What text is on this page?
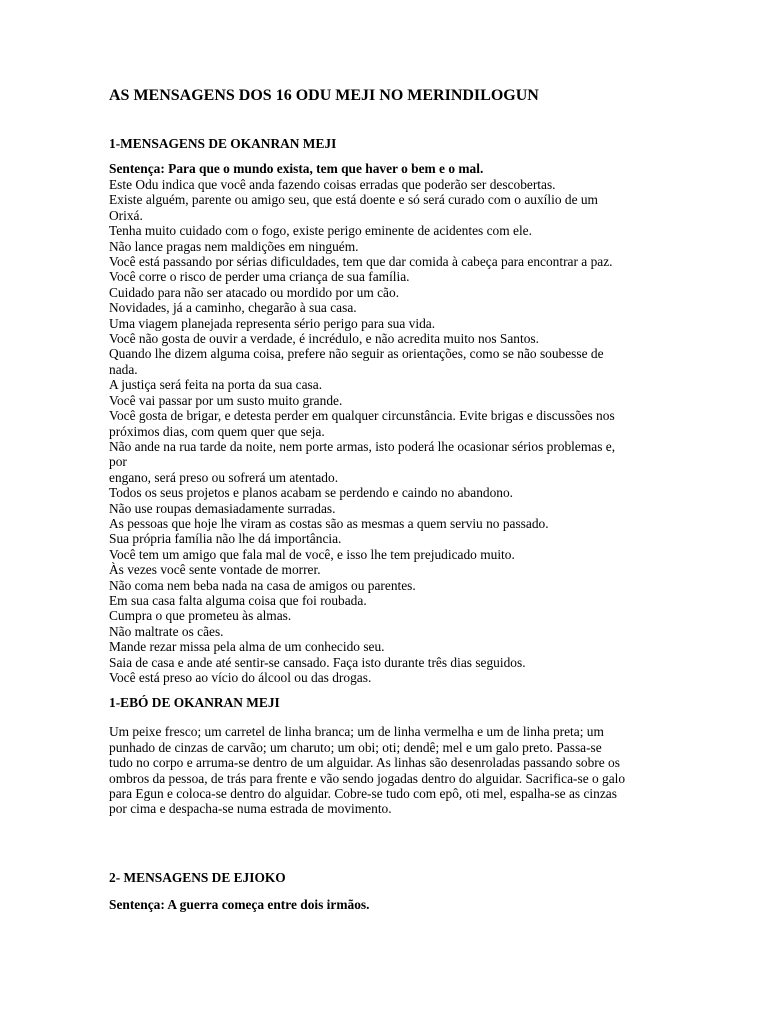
AS MENSAGENS DOS 16 ODU MEJI NO MERINDILOGUN
1-MENSAGENS DE OKANRAN MEJI

Sentença: Para que o mundo exista, tem que haver o bem e o mal.

Este Odu indica que você anda fazendo coisas erradas que poderão ser descobertas.
Existe alguém, parente ou amigo seu, que está doente e só será curado com o auxílio de um
Orixá.
Tenha muito cuidado com o fogo, existe perigo eminente de acidentes com ele.
Não lance pragas nem maldições em ninguém.
Você está passando por sérias dificuldades, tem que dar comida à cabeça para encontrar a paz.
Você corre o risco de perder uma criança de sua família.
Cuidado para não ser atacado ou mordido por um cão.
Novidades, já a caminho, chegarão à sua casa.
Uma viagem planejada representa sério perigo para sua vida.
Você não gosta de ouvir a verdade, é incrédulo, e não acredita muito nos Santos.
Quando lhe dizem alguma coisa, prefere não seguir as orientações, como se não soubesse de
nada.
A justiça será feita na porta da sua casa.
Você vai passar por um susto muito grande.
Você gosta de brigar, e detesta perder em qualquer circunstância. Evite brigas e discussões nos
próximos dias, com quem quer que seja.
Não ande na rua tarde da noite, nem porte armas, isto poderá lhe ocasionar sérios problemas e,
por
engano, será preso ou sofrerá um atentado.
Todos os seus projetos e planos acabam se perdendo e caindo no abandono.
Não use roupas demasiadamente surradas.
As pessoas que hoje lhe viram as costas são as mesmas a quem serviu no passado.
Sua própria família não lhe dá importância.
Você tem um amigo que fala mal de você, e isso lhe tem prejudicado muito.
Às vezes você sente vontade de morrer.
Não coma nem beba nada na casa de amigos ou parentes.
Em sua casa falta alguma coisa que foi roubada.
Cumpra o que prometeu às almas.
Não maltrate os cães.
Mande rezar missa pela alma de um conhecido seu.
Saia de casa e ande até sentir-se cansado. Faça isto durante três dias seguidos.
Você está preso ao vício do álcool ou das drogas.
1-EBÓ DE OKANRAN MEJI
Um peixe fresco; um carretel de linha branca; um de linha vermelha e um de linha preta; um
punhado de cinzas de carvão; um charuto; um obi; oti; dendê; mel e um galo preto. Passa-se
tudo no corpo e arruma-se dentro de um alguidar. As linhas são desenroladas passando sobre os
ombros da pessoa, de trás para frente e vão sendo jogadas dentro do alguidar. Sacrifica-se o galo
para Egun e coloca-se dentro do alguidar. Cobre-se tudo com epô, oti mel, espalha-se as cinzas
por cima e despacha-se numa estrada de movimento.
2- MENSAGENS DE EJIOKO

Sentença: A guerra começa entre dois irmãos.
